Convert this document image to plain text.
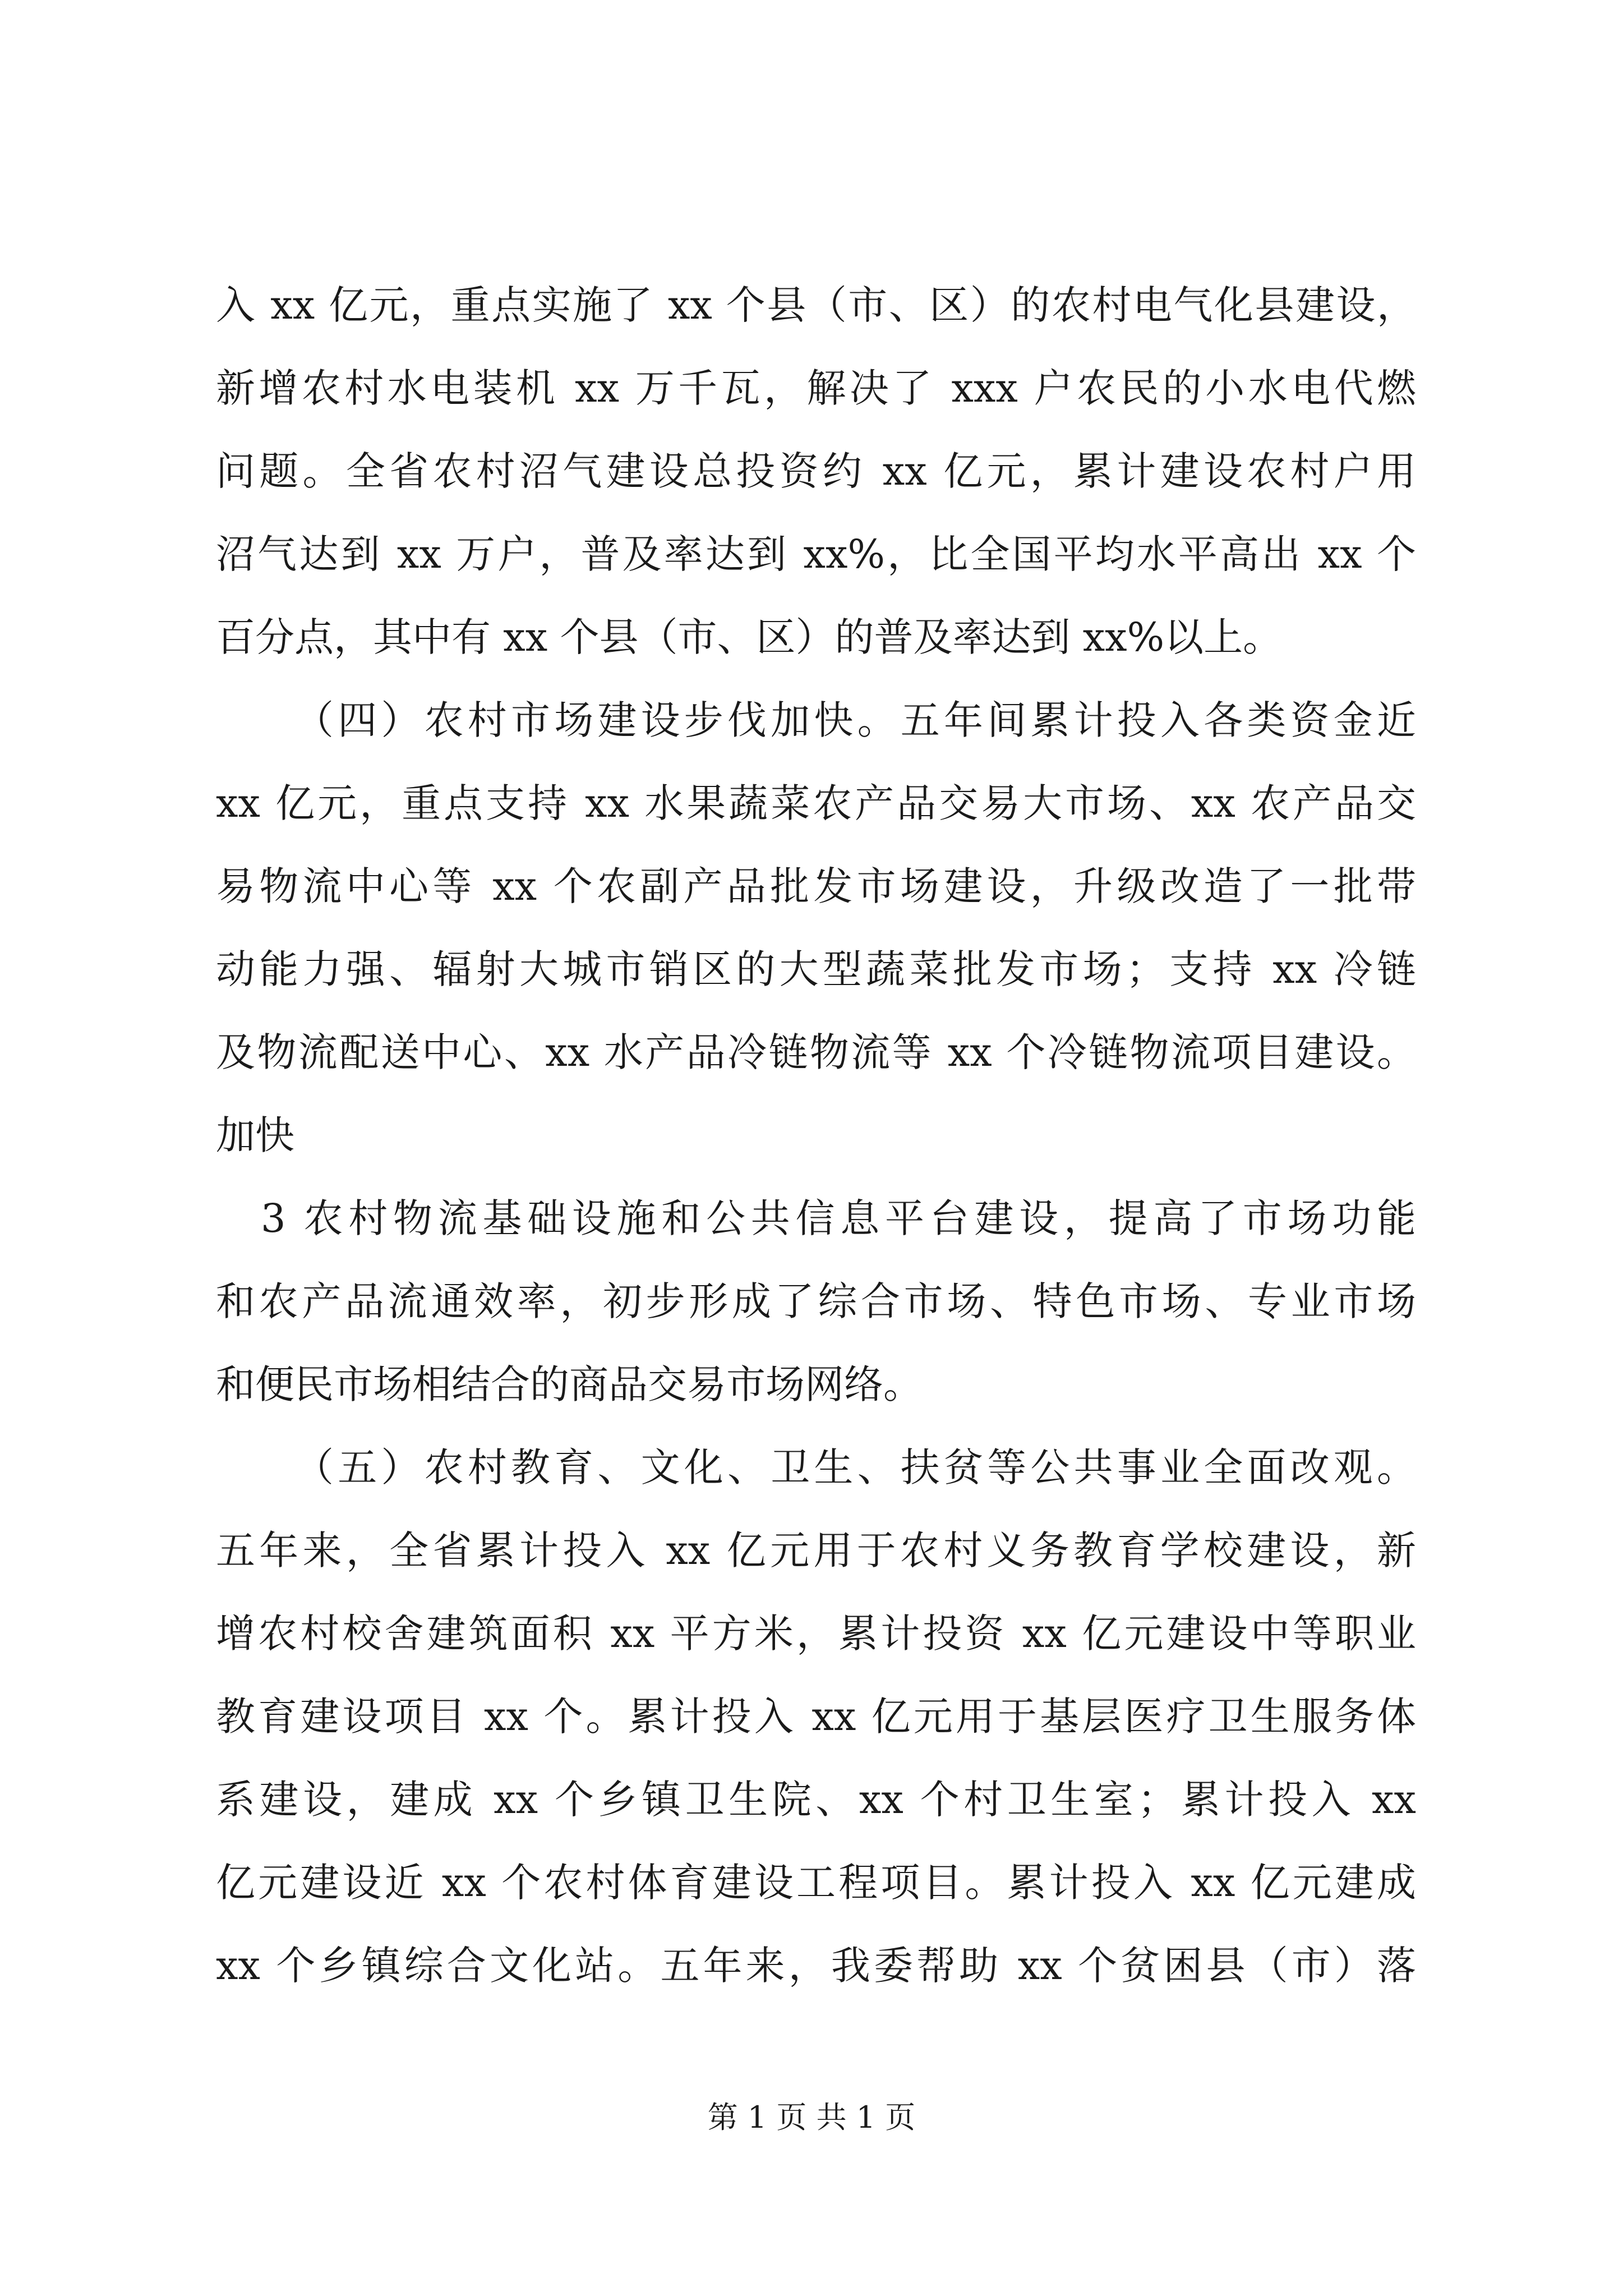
入 xx 亿元，重点实施了 xx 个县（市、区）的农村电气化县建设，
新增农村水电装机 xx 万千瓦，解决了 xxx 户农民的小水电代燃
问题。全省农村沼气建设总投资约 xx 亿元，累计建设农村户用
沼气达到 xx 万户，普及率达到 xx%，比全国平均水平高出 xx 个
百分点，其中有 xx 个县（市、区）的普及率达到 xx%以上。
（四）农村市场建设步伐加快。五年间累计投入各类资金近
xx 亿元，重点支持 xx 水果蔬菜农产品交易大市场、xx 农产品交
易物流中心等 xx 个农副产品批发市场建设，升级改造了一批带
动能力强、辐射大城市销区的大型蔬菜批发市场；支持 xx 冷链
及物流配送中心、xx 水产品冷链物流等 xx 个冷链物流项目建设。
加快
3 农村物流基础设施和公共信息平台建设，提高了市场功能
和农产品流通效率，初步形成了综合市场、特色市场、专业市场
和便民市场相结合的商品交易市场网络。
（五）农村教育、文化、卫生、扶贫等公共事业全面改观。
五年来，全省累计投入 xx 亿元用于农村义务教育学校建设，新
增农村校舍建筑面积 xx 平方米，累计投资 xx 亿元建设中等职业
教育建设项目 xx 个。累计投入 xx 亿元用于基层医疗卫生服务体
系建设，建成 xx 个乡镇卫生院、xx 个村卫生室；累计投入 xx
亿元建设近 xx 个农村体育建设工程项目。累计投入 xx 亿元建成
xx 个乡镇综合文化站。五年来，我委帮助 xx 个贫困县（市）落
第 1 页 共 1 页
